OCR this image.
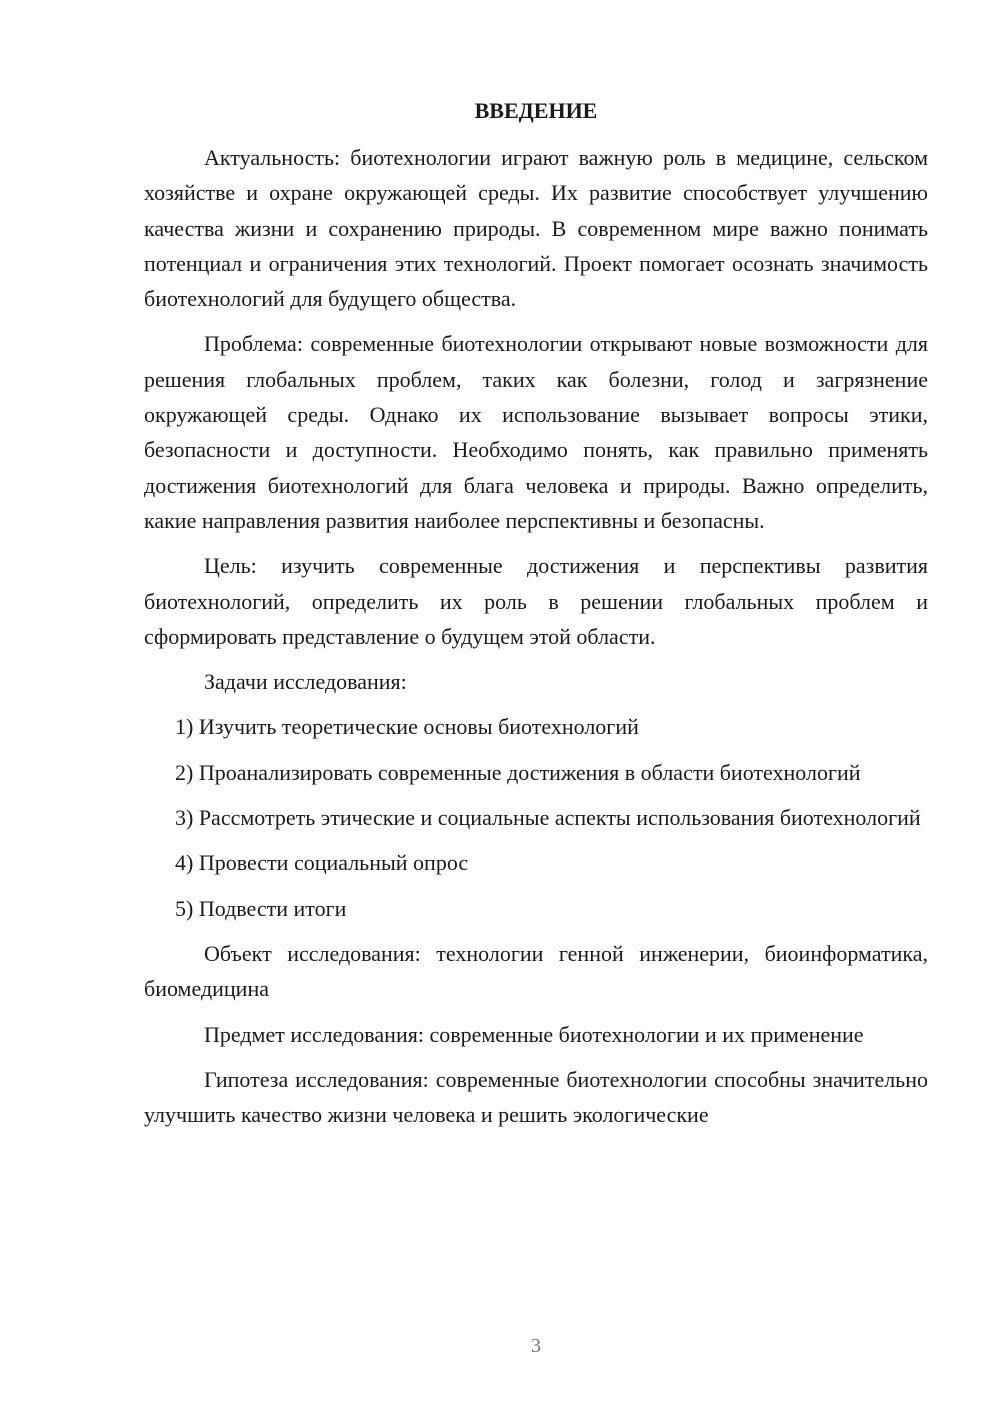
ВВЕДЕНИЕ

Актуальность: биотехнологии играют важную роль в медицине, сельском хозяйстве и охране окружающей среды. Их развитие способствует улучшению качества жизни и сохранению природы. В современном мире важно понимать потенциал и ограничения этих технологий. Проект помогает осознать значимость биотехнологий для будущего общества.

Проблема: современные биотехнологии открывают новые возможности для решения глобальных проблем, таких как болезни, голод и загрязнение окружающей среды. Однако их использование вызывает вопросы этики, безопасности и доступности. Необходимо понять, как правильно применять достижения биотехнологий для блага человека и природы. Важно определить, какие направления развития наиболее перспективны и безопасны.

Цель: изучить современные достижения и перспективы развития биотехнологий, определить их роль в решении глобальных проблем и сформировать представление о будущем этой области.

Задачи исследования:

1) Изучить теоретические основы биотехнологий

2) Проанализировать современные достижения в области биотехнологий

3) Рассмотреть этические и социальные аспекты использования биотехнологий

4) Провести социальный опрос

5) Подвести итоги

Объект исследования: технологии генной инженерии, биоинформатика, биомедицина

Предмет исследования: современные биотехнологии и их применение

Гипотеза исследования: современные биотехнологии способны значительно улучшить качество жизни человека и решить экологические

3
